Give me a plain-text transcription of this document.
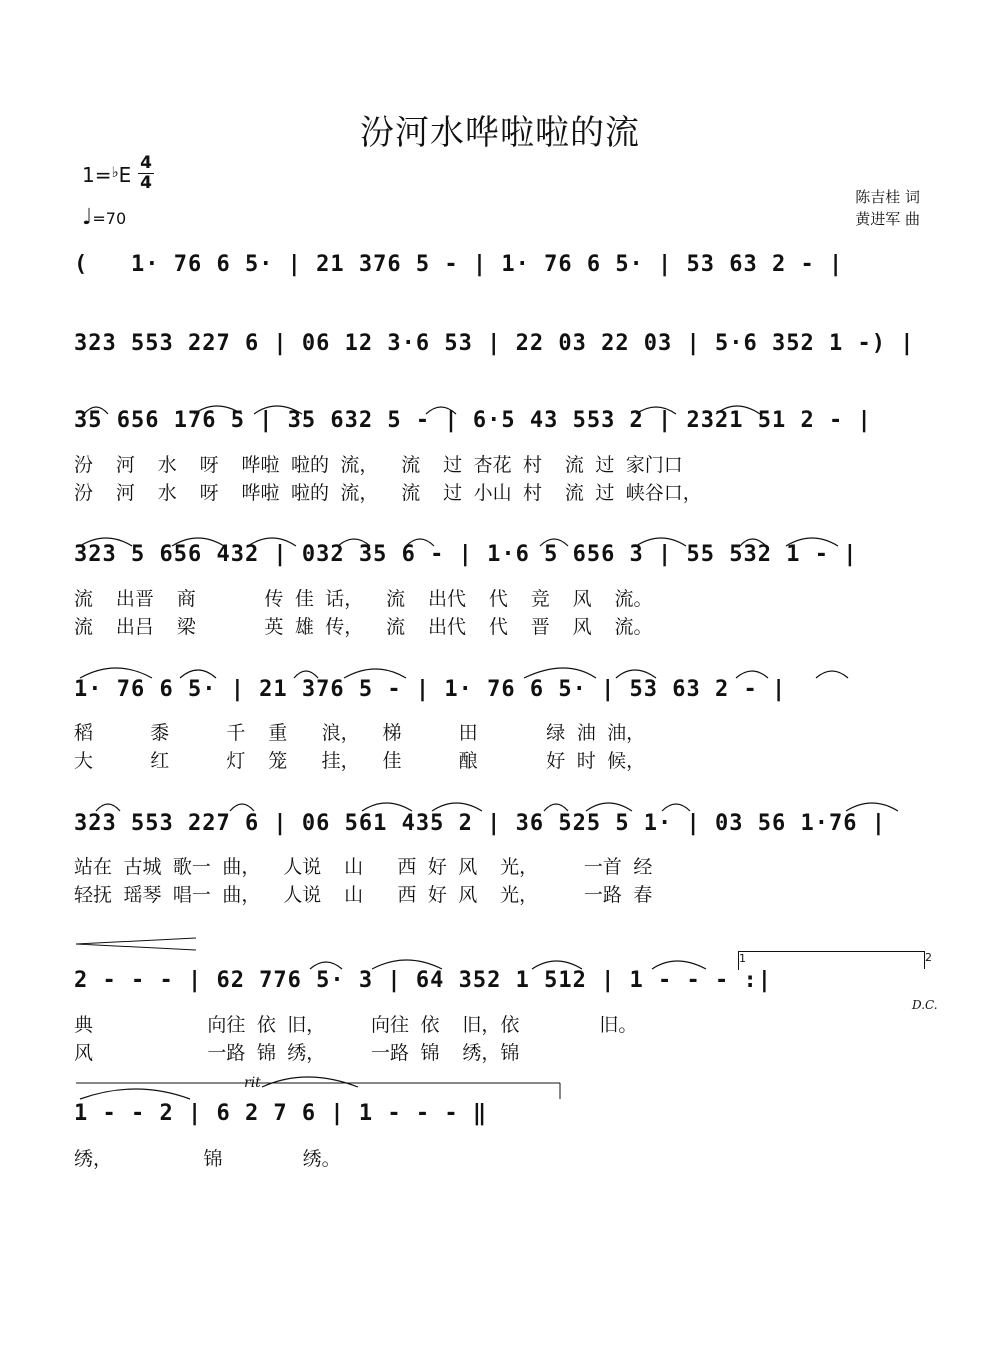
汾河水哗啦啦的流
1=♭E 4
4
♩=70
陈吉桂 词
黄进军 曲
(   1· 76 6 5· | 21 376 5 - | 1· 76 6 5· | 53 63 2 - |
323 553 227 6 | 06 12 3·6 53 | 22 03 22 03 | 5·6 352 1 -) |
35 656 176 5 | 35 632 5 - | 6·5 43 553 2 | 2321 51 2 - |
323 5 656 432 | 032 35 6 - | 1·6 5 656 3 | 55 532 1 - |
1· 76 6 5· | 21 376 5 - | 1· 76 6 5· | 53 63 2 - |
323 553 227 6 | 06 561 435 2 | 36 525 5 1· | 03 56 1·76 |
2 - - - | 62 776 5· 3 | 64 352 1 512 | 1 - - - :|
1 - - 2 | 6 2 7 6 | 1 - - - ‖
1	2
D.C.
rit
汾  河  水  呀  哗啦 啦的 流，  流  过 杏花 村  流 过 家门口
汾  河  水  呀  哗啦 啦的 流，  流  过 小山 村  流 过 峡谷口，
流  出晋  商      传 佳 话，  流  出代  代  竞  风  流。
流  出吕  梁      英 雄 传，  流  出代  代  晋  风  流。
稻     黍     千  重   浪，  梯     田      绿 油 油，
大     红     灯  笼   挂，  佳     酿      好 时 候，
站在 古城 歌一 曲，  人说  山   西 好 风  光，    一首 经
轻抚 瑶琴 唱一 曲，  人说  山   西 好 风  光，    一路 春
典          向往 依 旧，    向往 依  旧，依       旧。
风          一路 锦 绣，    一路 锦  绣，锦
绣，        锦       绣。
